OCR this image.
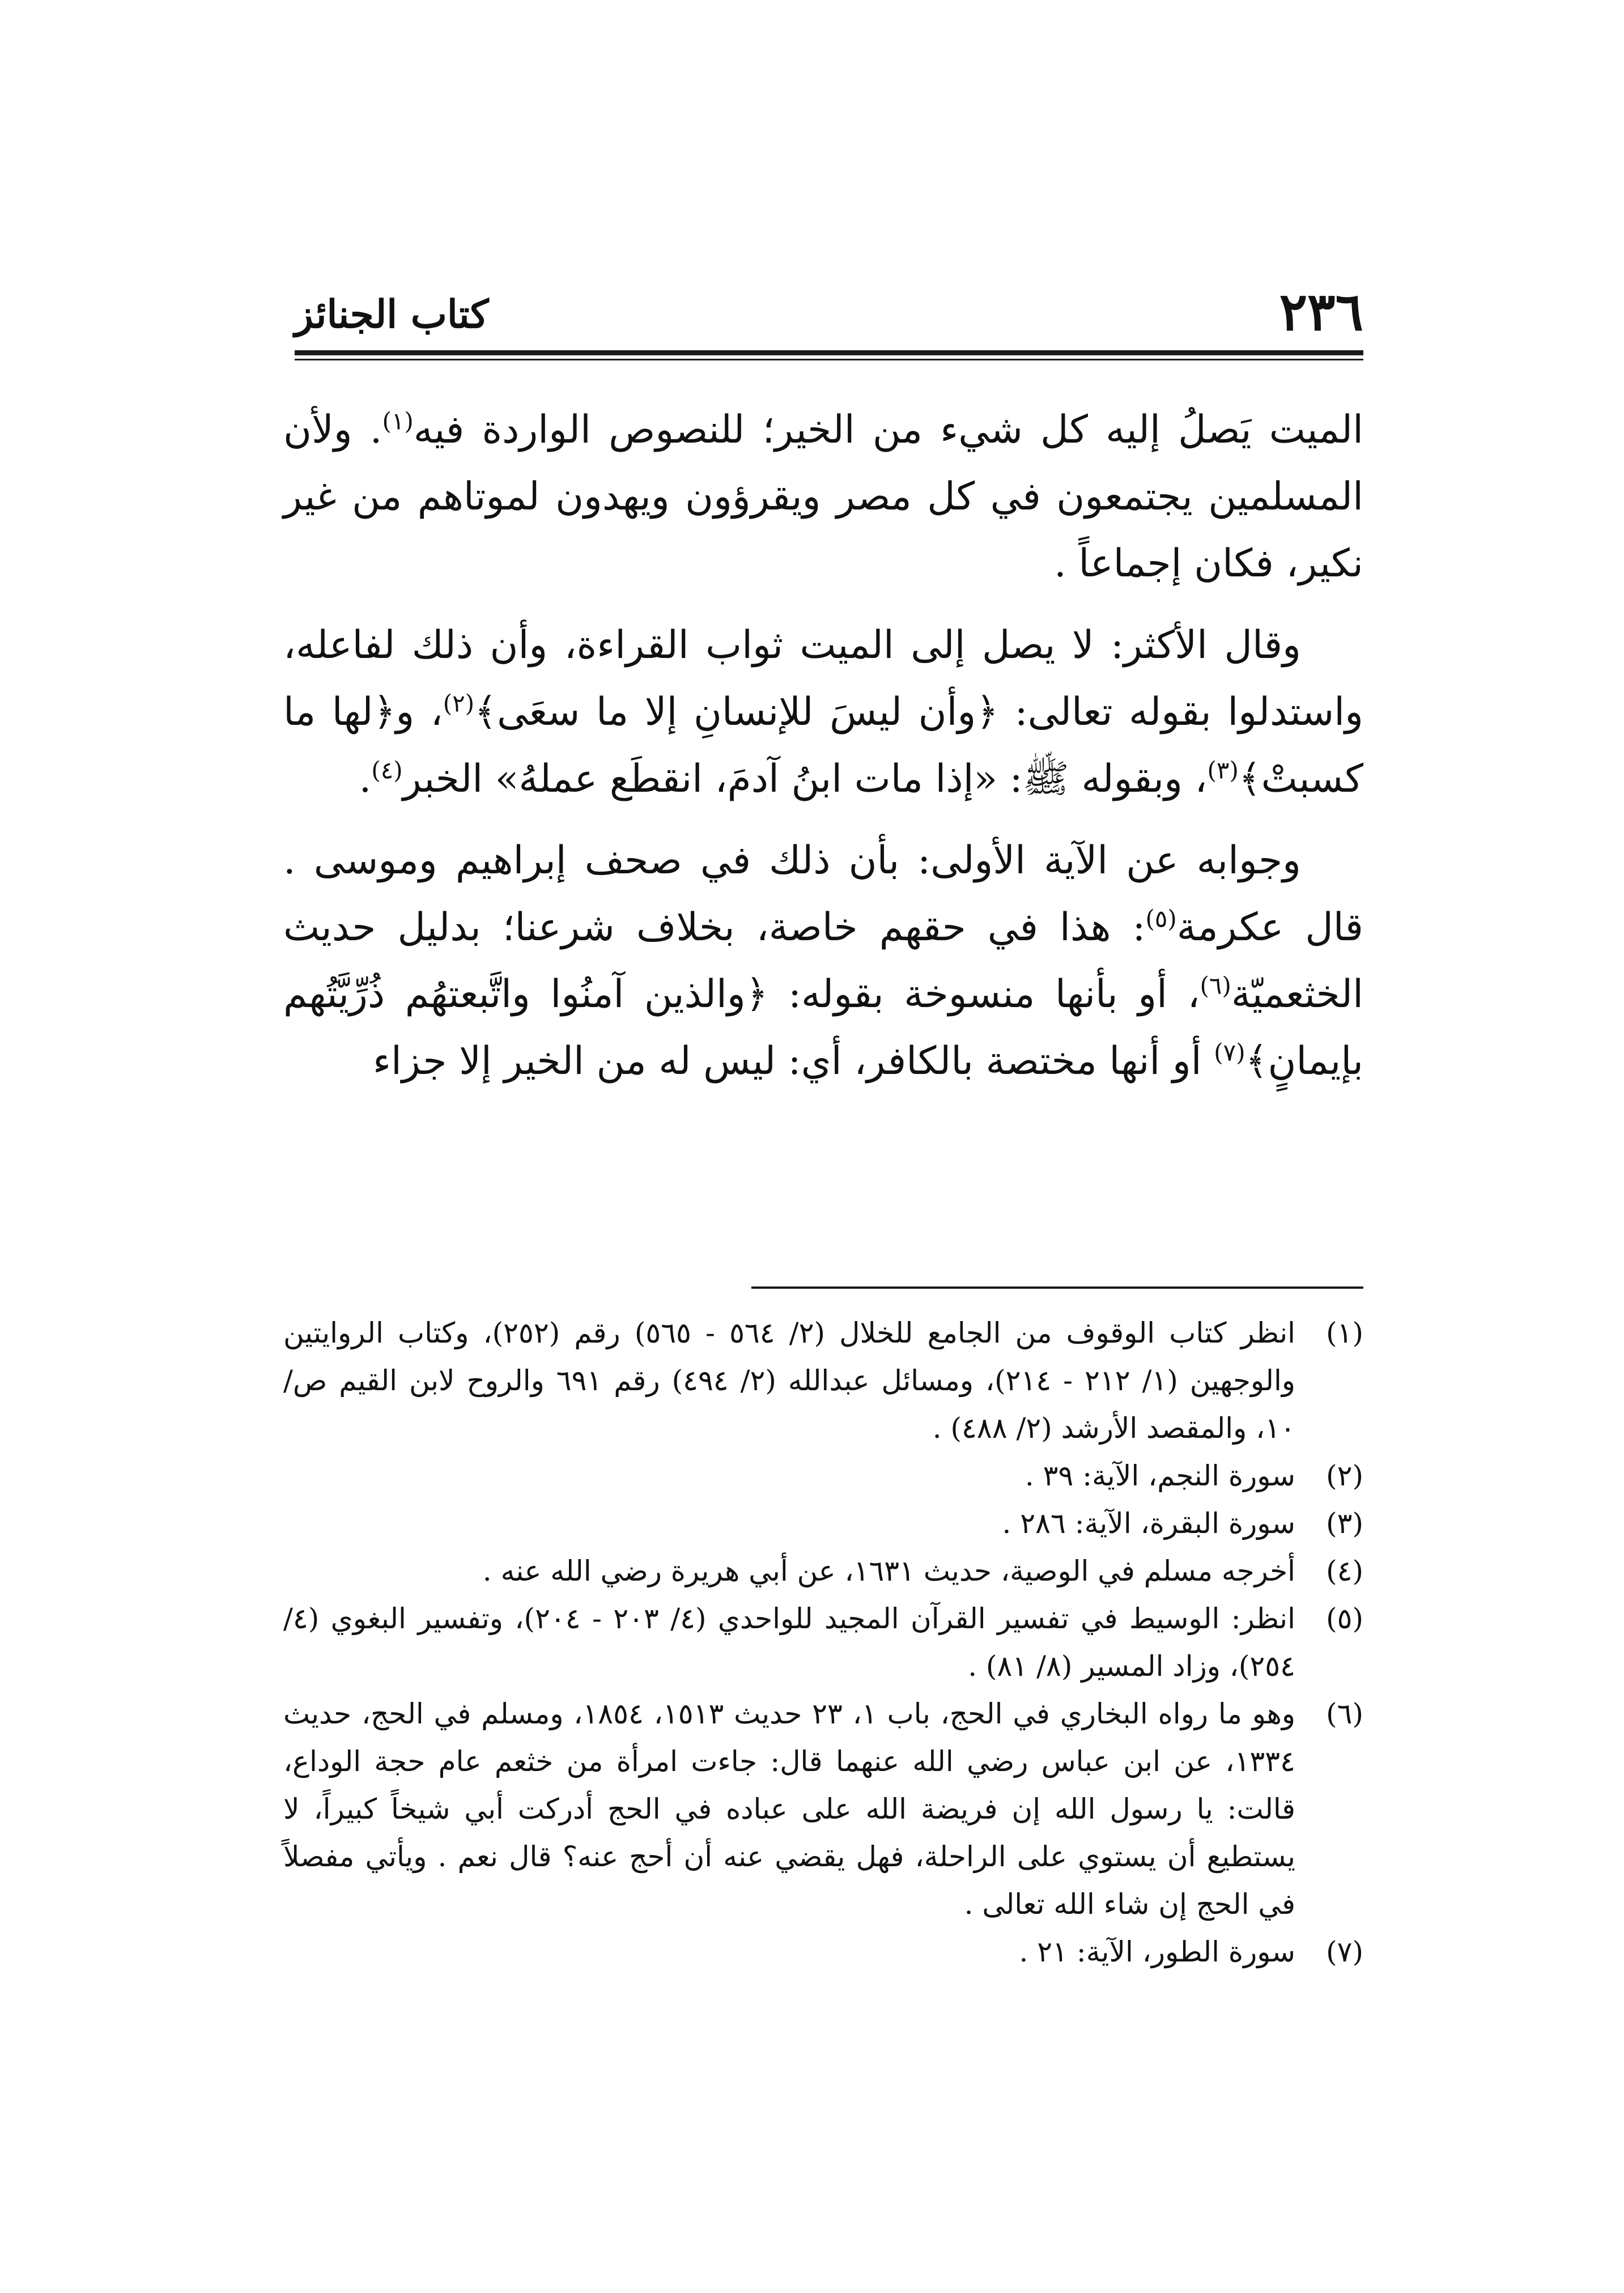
٢٣٦
كتاب الجنائز

الميت يَصلُ إليه كل شيء من الخير؛ للنصوص الواردة فيه$^{(١)}$. ولأن المسلمين يجتمعون في كل مصر ويقرؤون ويهدون لموتاهم من غير نكير، فكان إجماعاً .

وقال الأكثر: لا يصل إلى الميت ثواب القراءة، وأن ذلك لفاعله، واستدلوا بقوله تعالى: ﴿وأن ليسَ للإنسانِ إلا ما سعَى﴾$^{(٢)}$، و﴿لها ما كسبتْ﴾$^{(٣)}$، وبقوله ﷺ: «إذا مات ابنُ آدمَ، انقطَع عملهُ» الخبر$^{(٤)}$.

وجوابه عن الآية الأولى: بأن ذلك في صحف إبراهيم وموسى . قال عكرمة$^{(٥)}$: هذا في حقهم خاصة، بخلاف شرعنا؛ بدليل حديث الخثعميّة$^{(٦)}$، أو بأنها منسوخة بقوله: ﴿والذين آمنُوا واتَّبعتهُم ذُرِّيَّتُهم بإيمانٍ﴾$^{(٧)}$ أو أنها مختصة بالكافر، أي: ليس له من الخير إلا جزاء

(١)
انظر كتاب الوقوف من الجامع للخلال (٢/ ٥٦٤ - ٥٦٥) رقم (٢٥٢)، وكتاب الروايتين والوجهين (١/ ٢١٢ - ٢١٤)، ومسائل عبدالله (٢/ ٤٩٤) رقم ٦٩١ والروح لابن القيم ص/ ١٠، والمقصد الأرشد (٢/ ٤٨٨) .
(٢)
سورة النجم، الآية: ٣٩ .
(٣)
سورة البقرة، الآية: ٢٨٦ .
(٤)
أخرجه مسلم في الوصية، حديث ١٦٣١، عن أبي هريرة رضي الله عنه .
(٥)
انظر: الوسيط في تفسير القرآن المجيد للواحدي (٤/ ٢٠٣ - ٢٠٤)، وتفسير البغوي (٤/ ٢٥٤)، وزاد المسير (٨/ ٨١) .
(٦)
وهو ما رواه البخاري في الحج، باب ١، ٢٣ حديث ١٥١٣، ١٨٥٤، ومسلم في الحج، حديث ١٣٣٤، عن ابن عباس رضي الله عنهما قال: جاءت امرأة من خثعم عام حجة الوداع، قالت: يا رسول الله إن فريضة الله على عباده في الحج أدركت أبي شيخاً كبيراً، لا يستطيع أن يستوي على الراحلة، فهل يقضي عنه أن أحج عنه؟ قال نعم . ويأتي مفصلاً في الحج إن شاء الله تعالى .
(٧)
سورة الطور، الآية: ٢١ .
